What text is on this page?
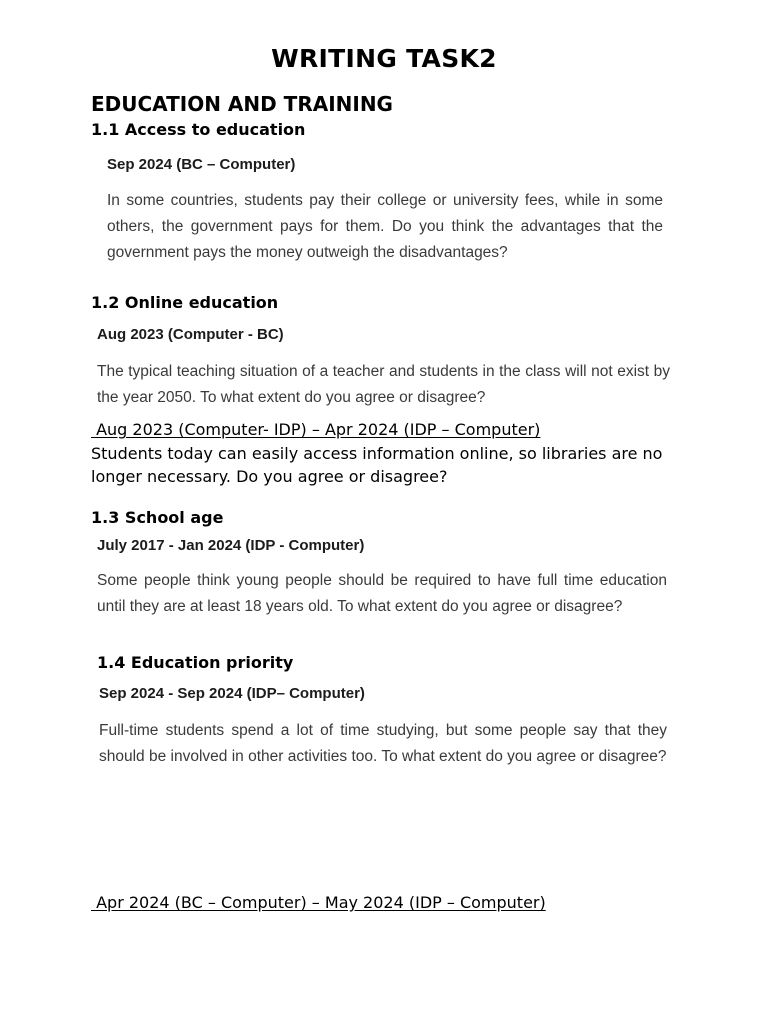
WRITING TASK2
EDUCATION AND TRAINING
1.1 Access to education
Sep 2024 (BC – Computer)
In some countries, students pay their college or university fees, while in some others, the government pays for them. Do you think the advantages that the government pays the money outweigh the disadvantages?
1.2 Online education
Aug 2023 (Computer - BC)
The typical teaching situation of a teacher and students in the class will not exist by the year 2050. To what extent do you agree or disagree?
Aug 2023 (Computer- IDP) – Apr 2024 (IDP – Computer)
Students today can easily access information online, so libraries are no longer necessary. Do you agree or disagree?
1.3 School age
July 2017 - Jan 2024 (IDP - Computer)
Some people think young people should be required to have full time education until they are at least 18 years old. To what extent do you agree or disagree?
1.4 Education priority
Sep 2024 - Sep 2024 (IDP– Computer)
Full-time students spend a lot of time studying, but some people say that they should be involved in other activities too. To what extent do you agree or disagree?
Apr 2024 (BC – Computer) – May 2024 (IDP – Computer)
